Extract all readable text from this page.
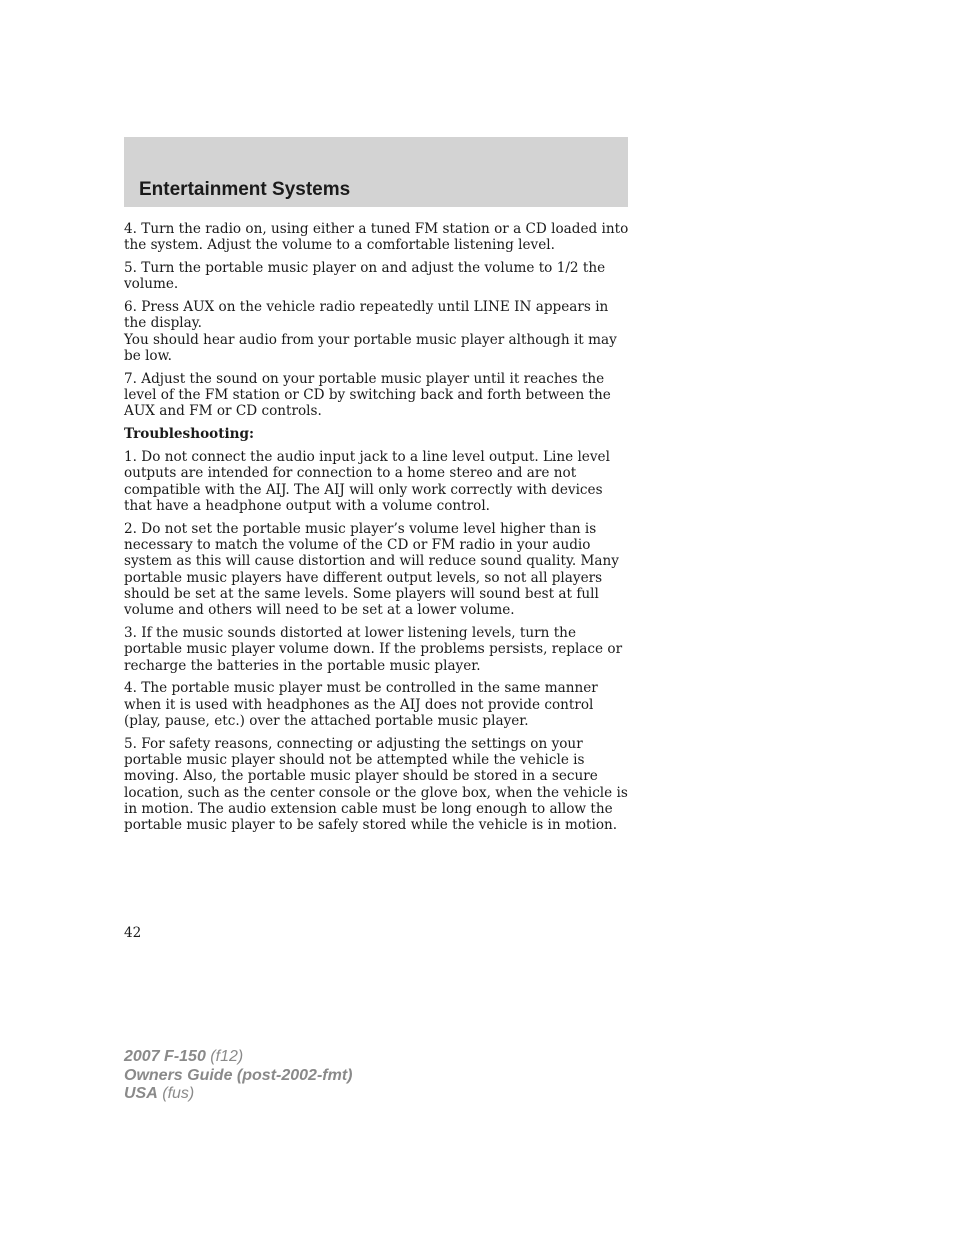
Entertainment Systems

4. Turn the radio on, using either a tuned FM station or a CD loaded into the system. Adjust the volume to a comfortable listening level.

5. Turn the portable music player on and adjust the volume to 1/2 the volume.

6. Press AUX on the vehicle radio repeatedly until LINE IN appears in the display.

You should hear audio from your portable music player although it may be low.

7. Adjust the sound on your portable music player until it reaches the level of the FM station or CD by switching back and forth between the AUX and FM or CD controls.

Troubleshooting:

1. Do not connect the audio input jack to a line level output. Line level outputs are intended for connection to a home stereo and are not compatible with the AIJ. The AIJ will only work correctly with devices that have a headphone output with a volume control.

2. Do not set the portable music player’s volume level higher than is necessary to match the volume of the CD or FM radio in your audio system as this will cause distortion and will reduce sound quality. Many portable music players have different output levels, so not all players should be set at the same levels. Some players will sound best at full volume and others will need to be set at a lower volume.

3. If the music sounds distorted at lower listening levels, turn the portable music player volume down. If the problems persists, replace or recharge the batteries in the portable music player.

4. The portable music player must be controlled in the same manner when it is used with headphones as the AIJ does not provide control (play, pause, etc.) over the attached portable music player.

5. For safety reasons, connecting or adjusting the settings on your portable music player should not be attempted while the vehicle is moving. Also, the portable music player should be stored in a secure location, such as the center console or the glove box, when the vehicle is in motion. The audio extension cable must be long enough to allow the portable music player to be safely stored while the vehicle is in motion.

42

2007 F-150 (f12)
Owners Guide (post-2002-fmt)
USA (fus)
